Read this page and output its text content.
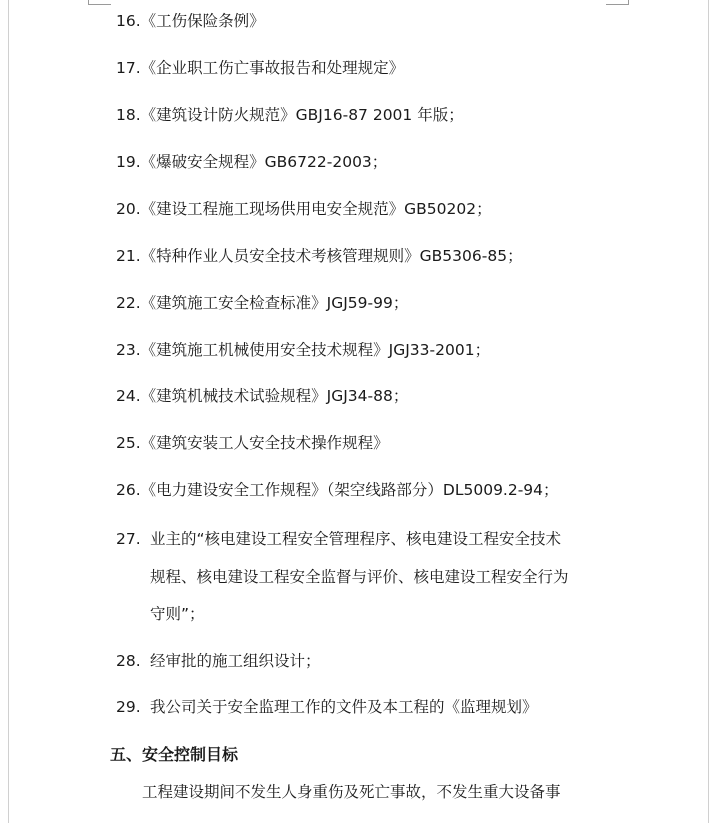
16.《工伤保险条例》
17.《企业职工伤亡事故报告和处理规定》
18.《建筑设计防火规范》GBJ16-87 2001 年版；
19.《爆破安全规程》GB6722-2003；
20.《建设工程施工现场供用电安全规范》GB50202；
21.《特种作业人员安全技术考核管理规则》GB5306-85；
22.《建筑施工安全检查标准》JGJ59-99；
23.《建筑施工机械使用安全技术规程》JGJ33-2001；
24.《建筑机械技术试验规程》JGJ34-88；
25.《建筑安装工人安全技术操作规程》
26.《电力建设安全工作规程》（架空线路部分）DL5009.2-94；
27. 业主的“核电建设工程安全管理程序、核电建设工程安全技术
规程、核电建设工程安全监督与评价、核电建设工程安全行为
守则”；
28. 经审批的施工组织设计；
29. 我公司关于安全监理工作的文件及本工程的《监理规划》
五、安全控制目标
工程建设期间不发生人身重伤及死亡事故，不发生重大设备事
